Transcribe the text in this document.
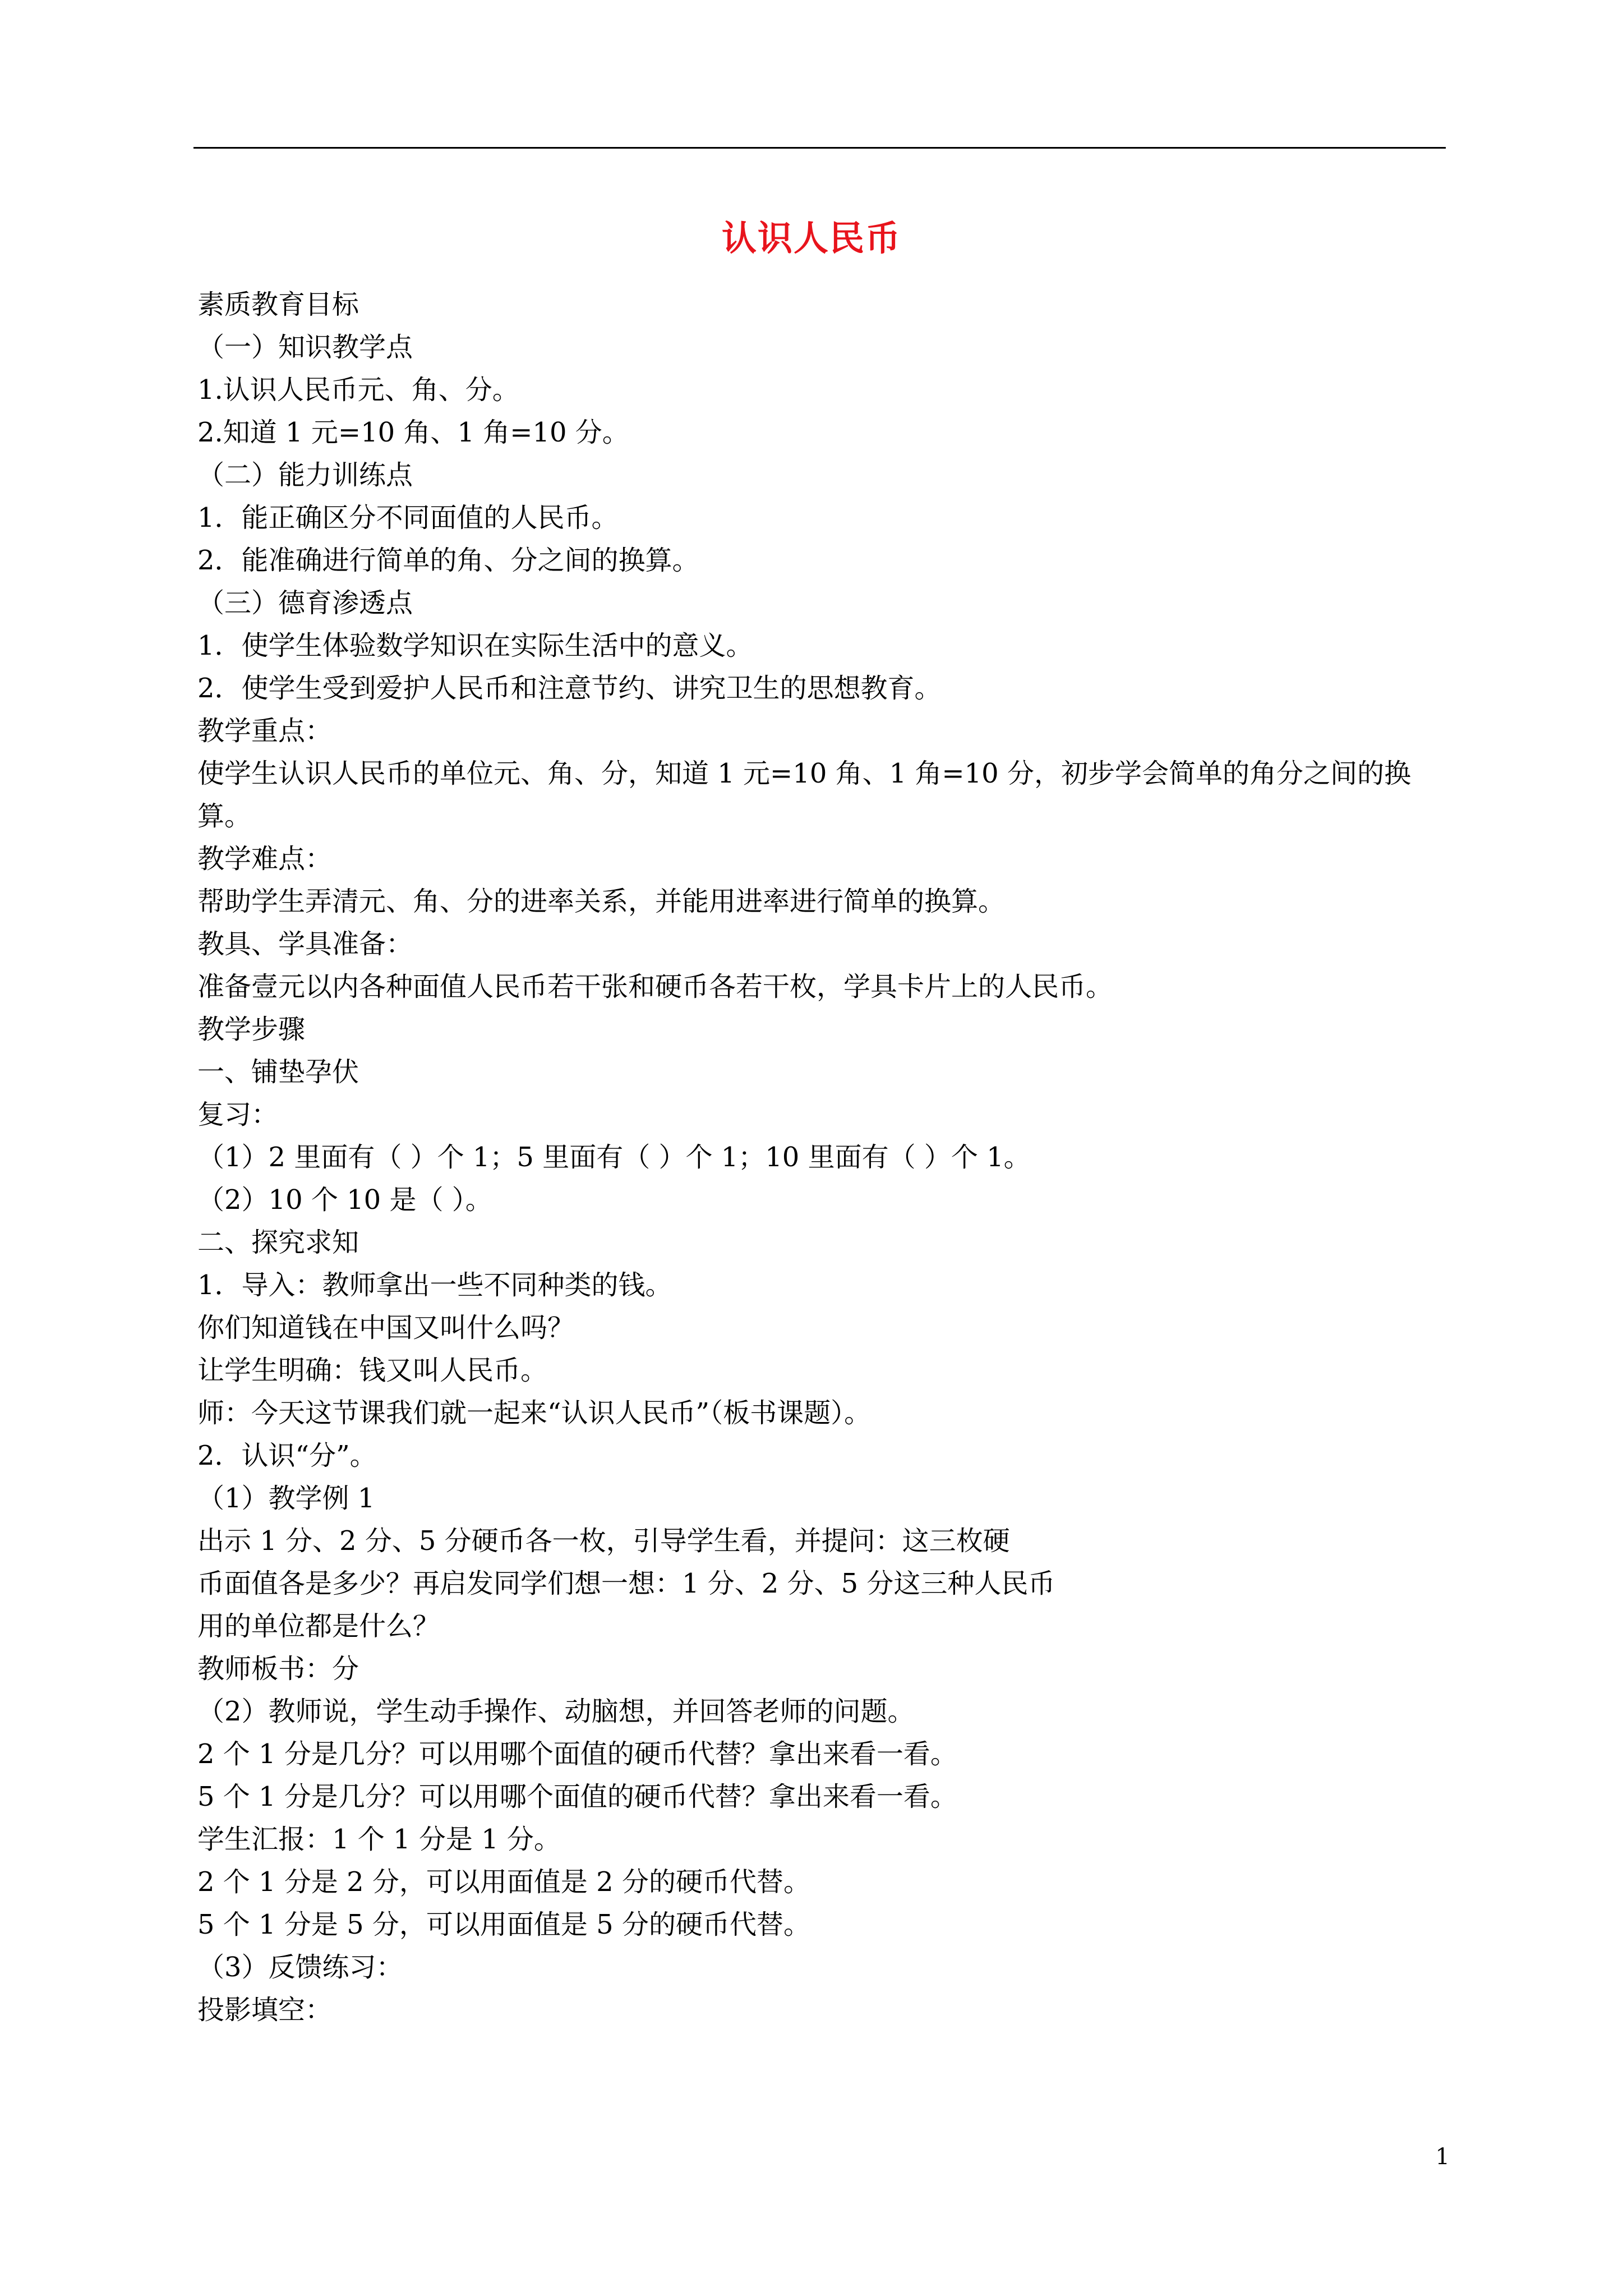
认识人民币
素质教育目标
（一）知识教学点
1.认识人民币元、角、分。
2.知道 1 元=10 角、1 角=10 分。
（二）能力训练点
1．能正确区分不同面值的人民币。
2．能准确进行简单的角、分之间的换算。
（三）德育渗透点
1．使学生体验数学知识在实际生活中的意义。
2．使学生受到爱护人民币和注意节约、讲究卫生的思想教育。
教学重点：
使学生认识人民币的单位元、角、分，知道 1 元=10 角、1 角=10 分，初步学会简单的角分之间的换
算。
教学难点：
帮助学生弄清元、角、分的进率关系，并能用进率进行简单的换算。
教具、学具准备：
准备壹元以内各种面值人民币若干张和硬币各若干枚，学具卡片上的人民币。
教学步骤
一、铺垫孕伏
复习：
（1）2 里面有（ ）个 1；5 里面有（ ）个 1；10 里面有（ ）个 1。
（2）10 个 10 是（ ）。
二、探究求知
1．导入：教师拿出一些不同种类的钱。
你们知道钱在中国又叫什么吗？
让学生明确：钱又叫人民币。
师：今天这节课我们就一起来“认识人民币”（板书课题）。
2．认识“分”。
（1）教学例 1
出示 1 分、2 分、5 分硬币各一枚，引导学生看，并提问：这三枚硬
币面值各是多少？再启发同学们想一想：1 分、2 分、5 分这三种人民币
用的单位都是什么？
教师板书：分
（2）教师说，学生动手操作、动脑想，并回答老师的问题。
2 个 1 分是几分？可以用哪个面值的硬币代替？拿出来看一看。
5 个 1 分是几分？可以用哪个面值的硬币代替？拿出来看一看。
学生汇报：1 个 1 分是 1 分。
2 个 1 分是 2 分，可以用面值是 2 分的硬币代替。
5 个 1 分是 5 分，可以用面值是 5 分的硬币代替。
（3）反馈练习：
投影填空：
1
